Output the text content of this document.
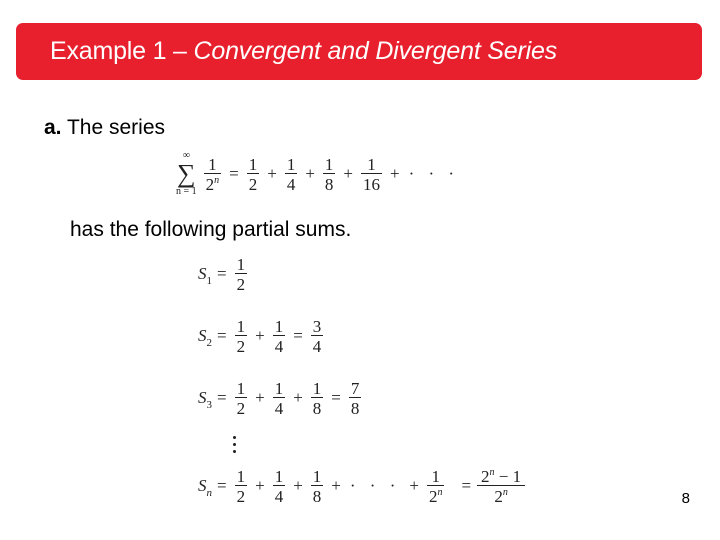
Example 1 – Convergent and Divergent Series
a. The series
∞
∑
$n = 1 \frac{1}{2^n} = \frac{1}{2} + \frac{1}{4} + \frac{1}{8} + \frac{1}{16}$ + · · ·
has the following partial sums.
$S_1 = \frac{1}{2}$
$S_2 = \frac{1}{2} + \frac{1}{4} = \frac{3}{4}$
$S_3 = \frac{1}{2} + \frac{1}{4} + \frac{1}{8} = \frac{7}{8}$
$S_n = \frac{1}{2} + \frac{1}{4} + \frac{1}{8}$ + · · · + $\frac{1}{2^n} = \frac{2^n - 1}{2^n}$	8
